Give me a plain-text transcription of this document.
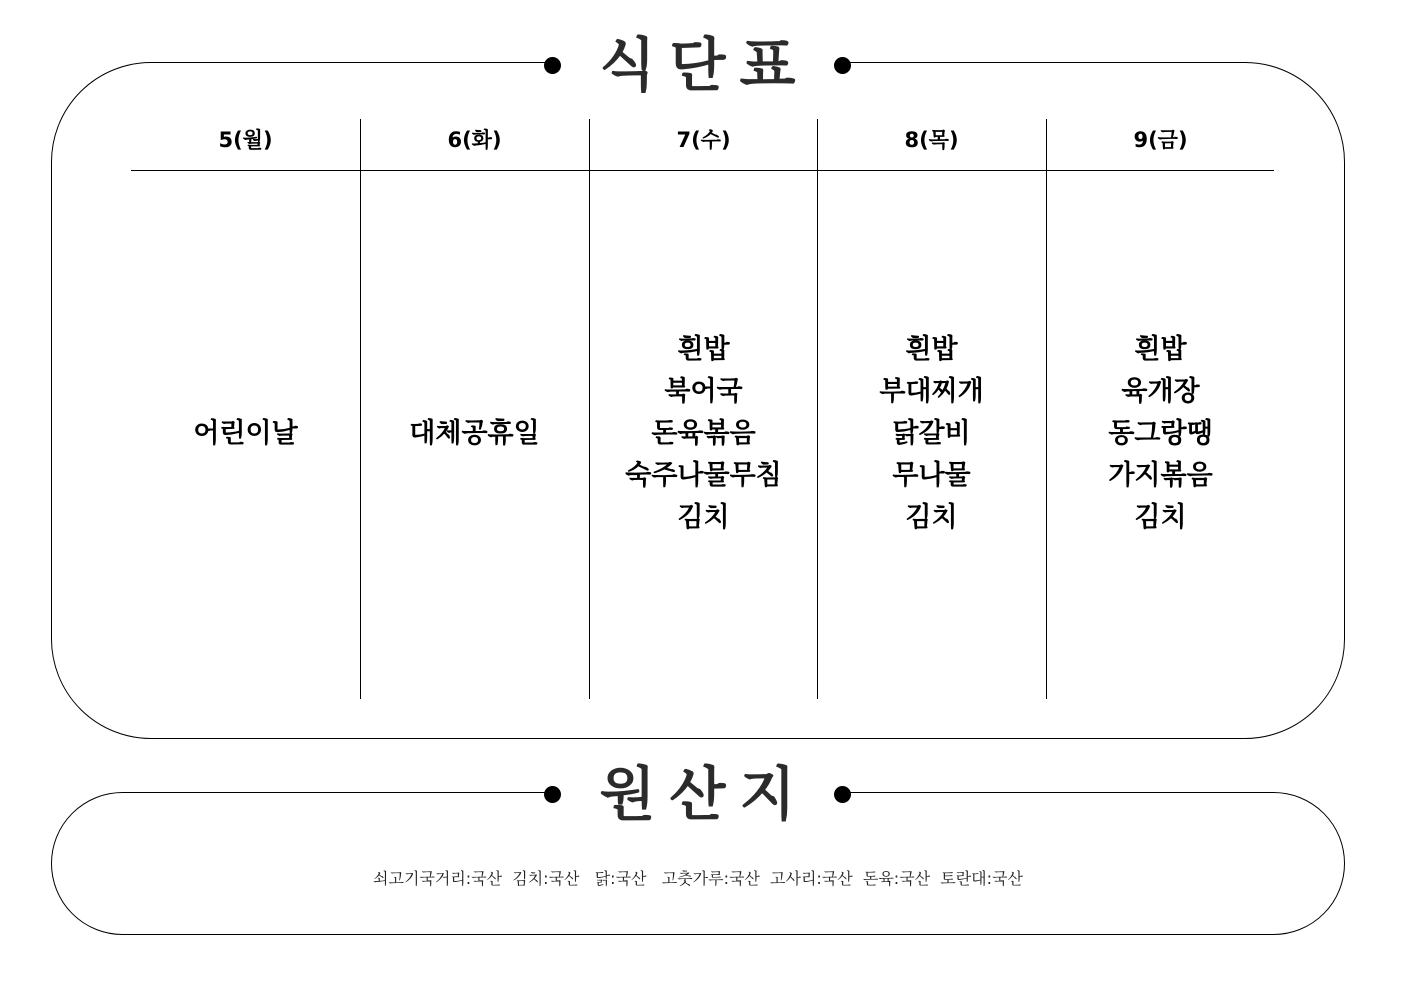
식단표
5(월)
어린이날
6(화)
대체공휴일
7(수)
흰밥
북어국
돈육볶음
숙주나물무침
김치
8(목)
흰밥
부대찌개
닭갈비
무나물
김치
9(금)
흰밥
육개장
동그랑땡
가지볶음
김치
원산지
쇠고기국거리:국산  김치:국산   닭:국산   고춧가루:국산  고사리:국산  돈육:국산  토란대:국산
